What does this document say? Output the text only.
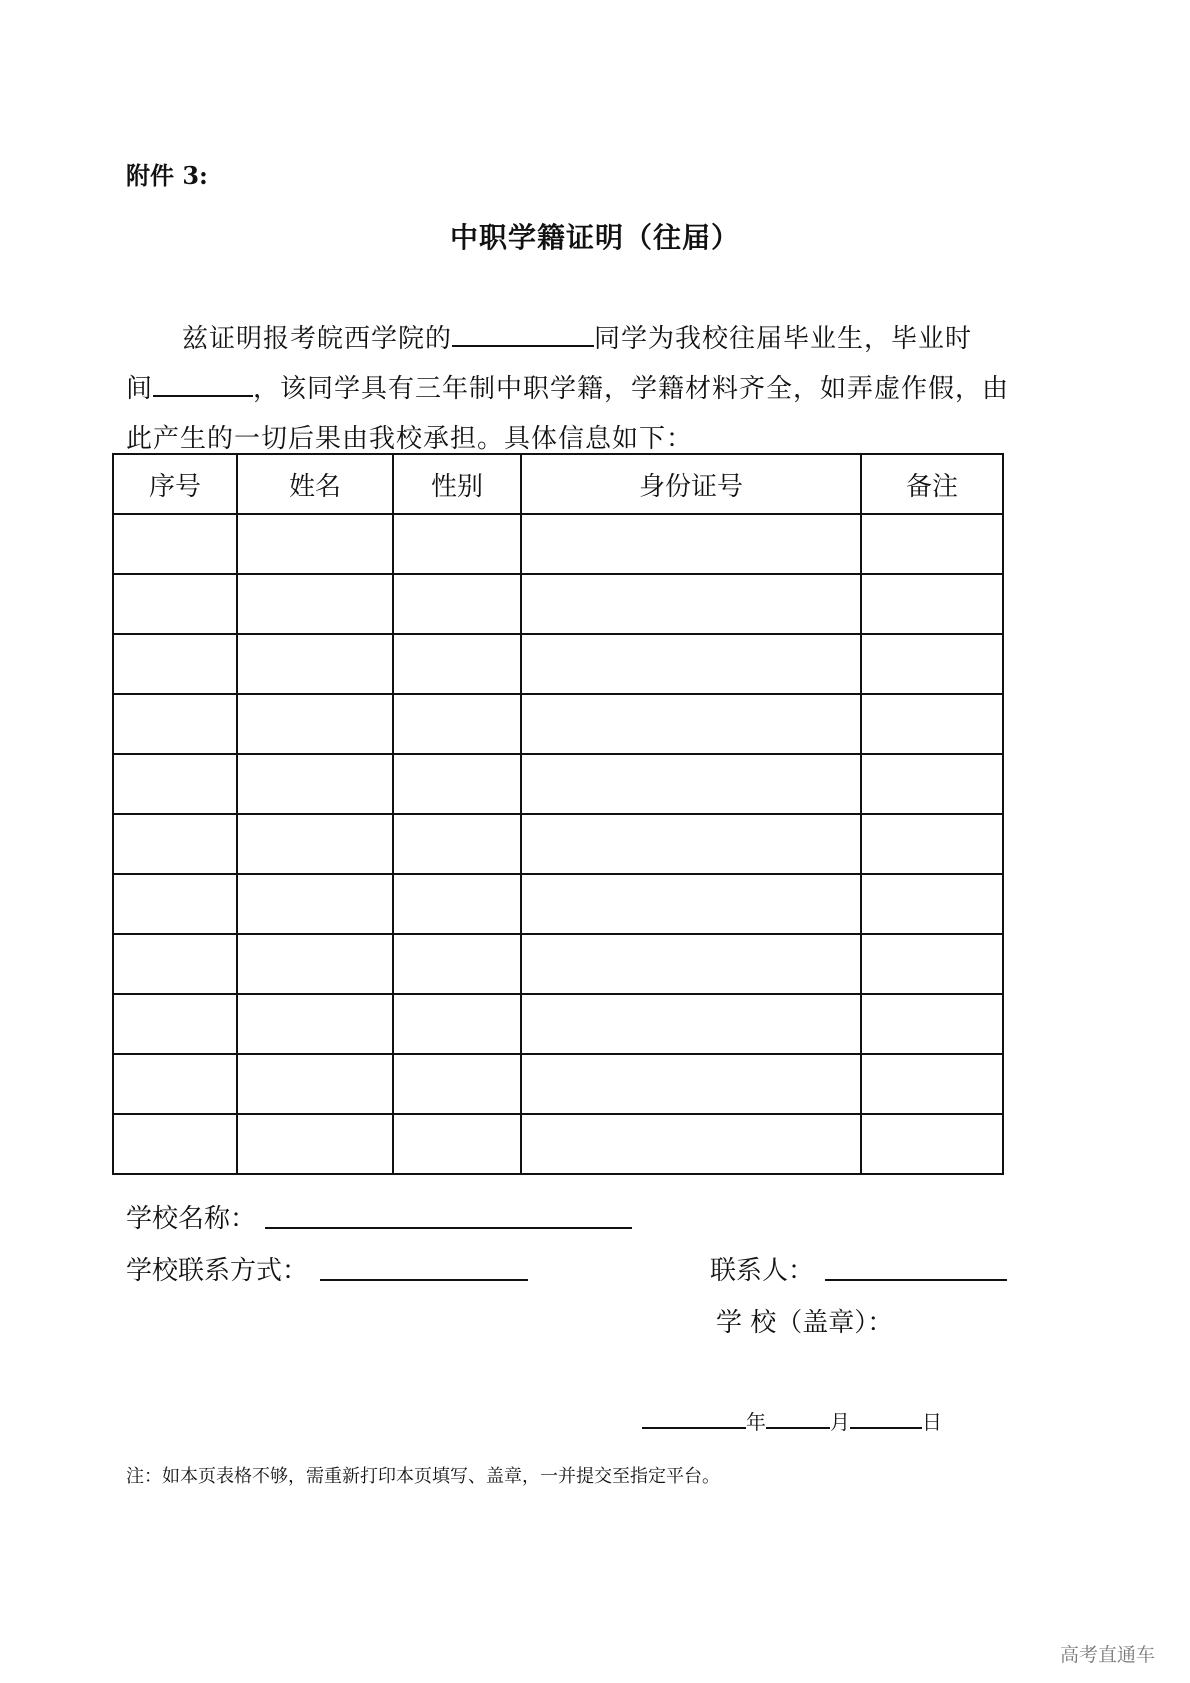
附件 3:
中职学籍证明（往届）
兹证明报考皖西学院的	同学为我校往届毕业生，毕业时
间	，该同学具有三年制中职学籍，学籍材料齐全，如弄虚作假，由
此产生的一切后果由我校承担。具体信息如下：
序号	姓名	性别	身份证号	备注

学校名称：
学校联系方式：	联系人：
学 校（盖章）：
年	月	日
注：如本页表格不够，需重新打印本页填写、盖章，一并提交至指定平台。
高考直通车
